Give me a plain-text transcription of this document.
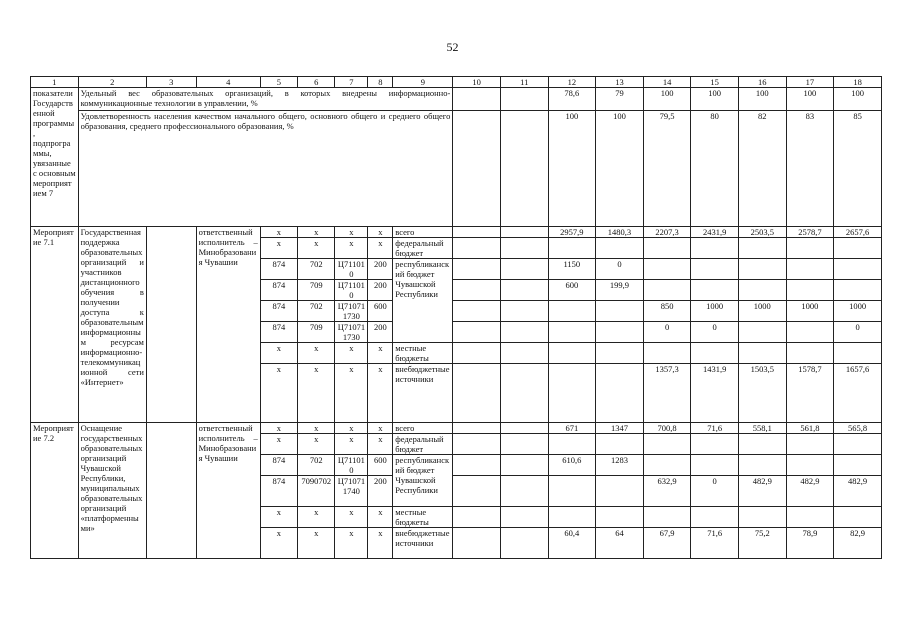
52
1	2	3	4	5	6	7	8	9	10	11	12	13	14	15	16	17	18
показатели Государственной программы, подпрограммы, увязанные с основным мероприятием 7	Удельный вес образовательных организаций, в которых внедрены информационно-коммуникационные технологии в управлении, %										78,6	79	100	100	100	100	100
	Удовлетворенность населения качеством начального общего, основного общего и среднего общего образования, среднего профессионального образования, %										100	100	79,5	80	82	83	85
Мероприятие 7.1	Государственная поддержка образовательных организаций и участников дистанционного обучения в получении доступа к образовательным информационным ресурсам информационно-телекоммуникационной сети «Интернет»		ответственный исполнитель – Минобразования Чувашии	x	x	x	x	всего			2957,9	1480,3	2207,3	2431,9	2503,5	2578,7	2657,6
				x	x	x	x	федеральный бюджет									
				874	702	Ц711010	200	республиканский бюджет Чувашской Республики			1150	0					
				874	709	Ц711010	200				600	199,9					
				874	702	Ц710711730	600						850	1000	1000	1000	1000
				874	709	Ц710711730	200						0	0			0
				x	x	x	x	местные бюджеты									
				x	x	x	x	внебюджетные источники					1357,3	1431,9	1503,5	1578,7	1657,6
Мероприятие 7.2	Оснащение государственных образовательных организаций Чувашской Республики, муниципальных образовательных организаций «платформенными»		ответственный исполнитель – Минобразования Чувашии	x	x	x	x	всего			671	1347	700,8	71,6	558,1	561,8	565,8
				x	x	x	x	федеральный бюджет									
				874	702	Ц711010	600	республиканский бюджет Чувашской Республики			610,6	1283					
				874	7090702	Ц710711740	200						632,9	0	482,9	482,9	482,9
				x	x	x	x	местные бюджеты									
				x	x	x	x	внебюджетные источники			60,4	64	67,9	71,6	75,2	78,9	82,9
